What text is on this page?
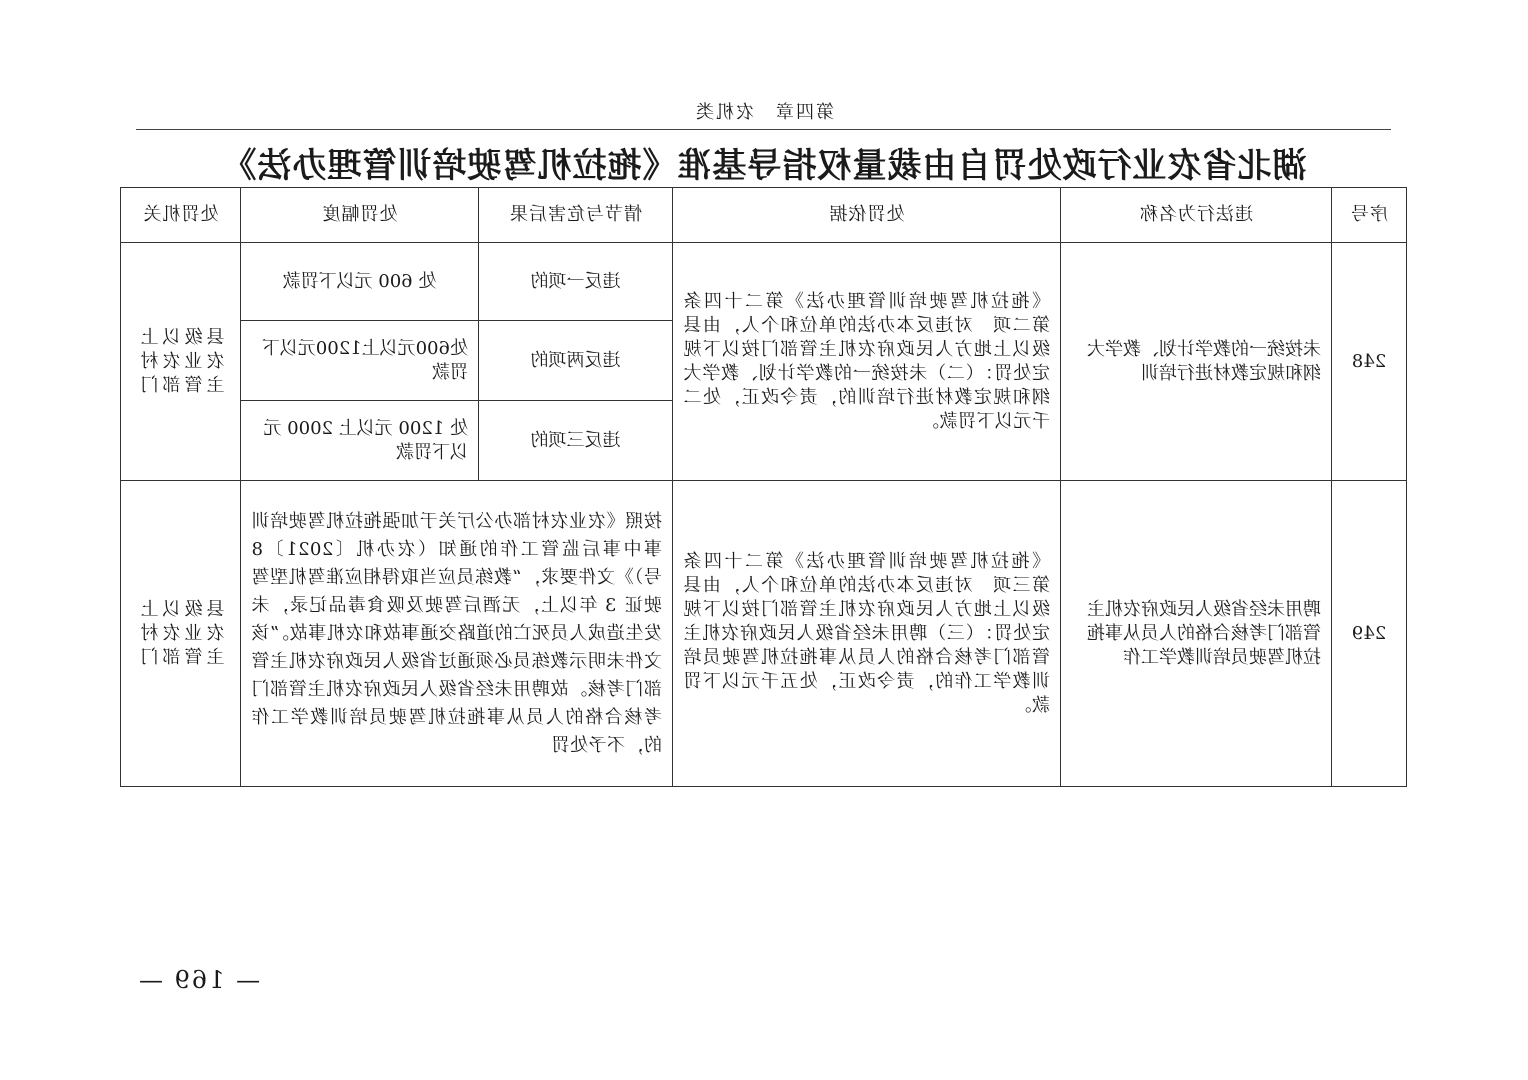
第四章　农机类
湖北省农业行政处罚自由裁量权指导基准《拖拉机驾驶培训管理办法》
序号	违法行为名称	处罚依据	情节与危害后果	处罚幅度	处罚机关
248	未按统一的教学计划、教学大纲和规定教材进行培训	《拖拉机驾驶培训管理办法》第二十四条　第二项　对违反本办法的单位和个人，由县级以上地方人民政府农机主管部门按以下规定处罚：（二）未按统一的教学计划、教学大纲和规定教材进行培训的，责令改正，处二千元以下罚款。	违反一项的	处 600 元以下罚款	县级以上农业农村主管部门
			违反两项的	处600元以上1200元以下罚款	
			违反三项的	处 1200 元以上 2000 元以下罚款	
249	聘用未经省级人民政府农机主管部门考核合格的人员从事拖拉机驾驶员培训教学工作	《拖拉机驾驶培训管理办法》第二十四条　第三项　对违反本办法的单位和个人，由县级以上地方人民政府农机主管部门按以下规定处罚：（三）聘用未经省级人民政府农机主管部门考核合格的人员从事拖拉机驾驶员培训教学工作的，责令改正，处五千元以下罚款。	按照《农业农村部办公厅关于加强拖拉机驾驶培训事中事后监管工作的通知（农办机〔2021〕8 号）》文件要求，“教练员应当取得相应准驾机型驾驶证 3 年以上，无酒后驾驶及吸食毒品记录，未发生造成人员死亡的道路交通事故和农机事故。”该文件未明示教练员必须通过省级人民政府农机主管部门考核。故聘用未经省级人民政府农机主管部门考核合格的人员从事拖拉机驾驶员培训教学工作的，不予处罚		县级以上农业农村主管部门
— 169 —
